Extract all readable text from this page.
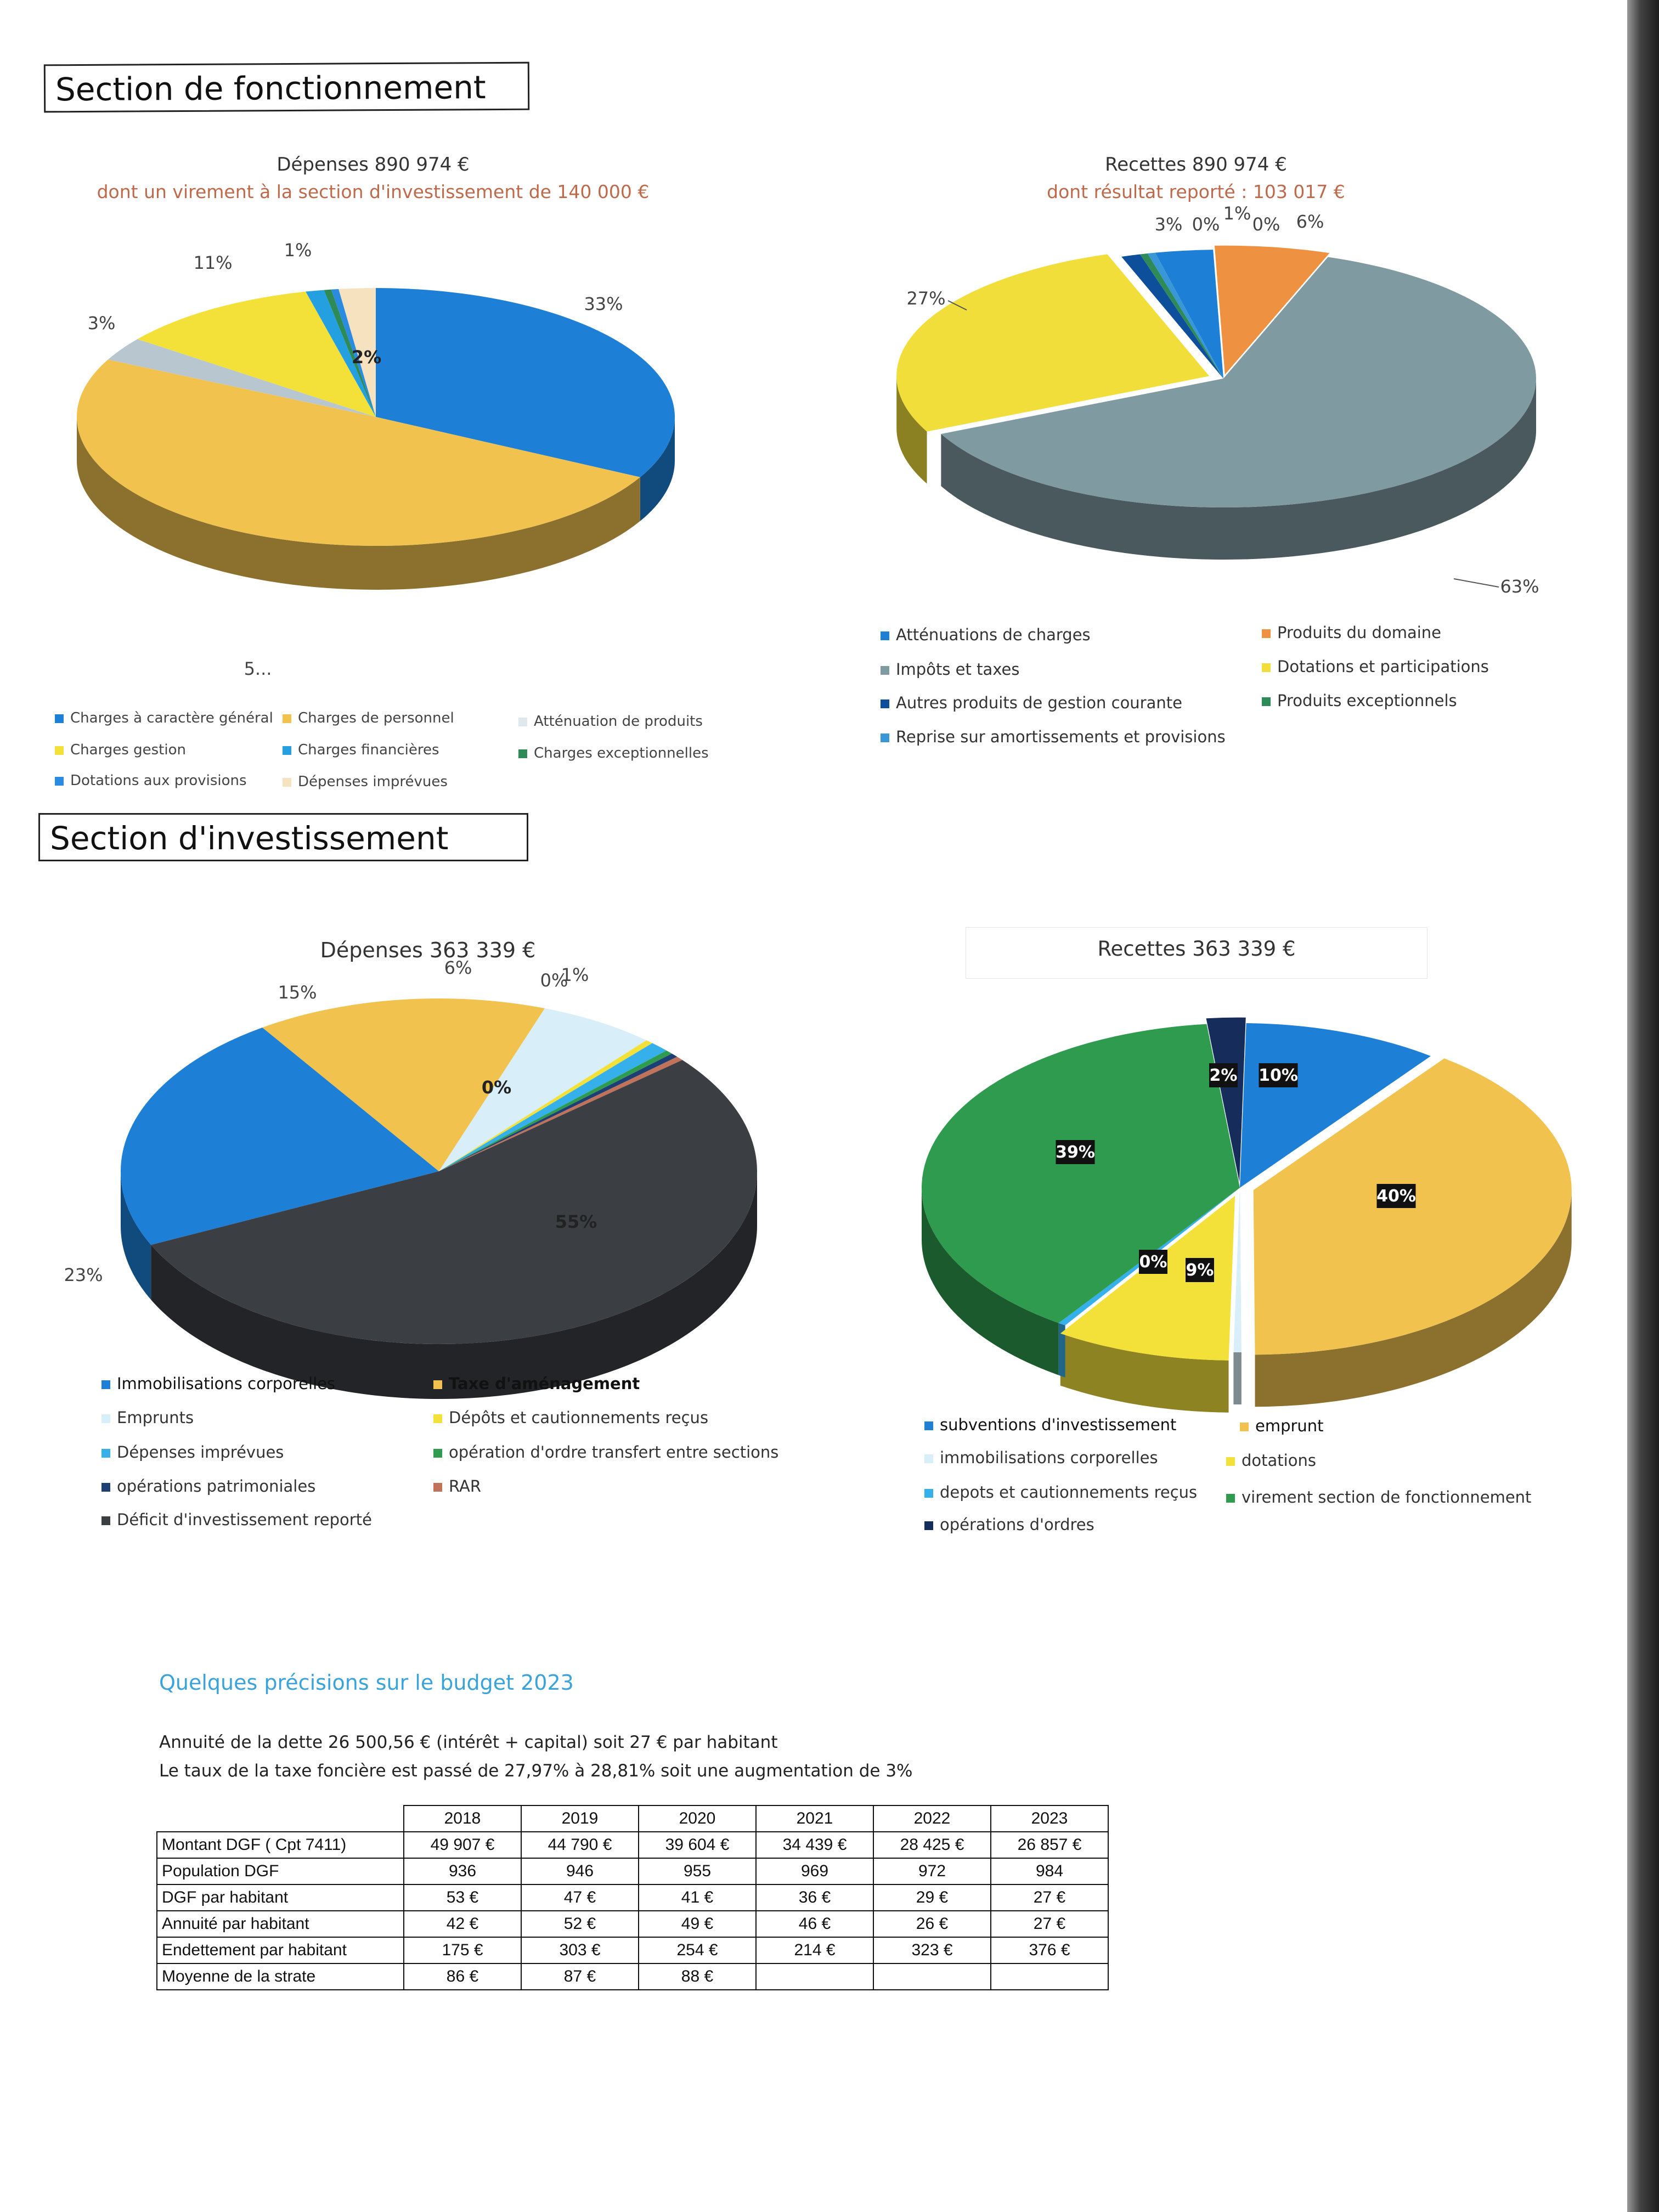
Section de fonctionnement
Dépenses 890 974 €
dont un virement à la section d'investissement de 140 000 €
33%
5...
3%
11%
1%
2%
Recettes 890 974 €
dont résultat reporté : 103 017 €
3% 0%
1%
0% 6%
27%
63%
Charges à caractère général	Charges de personnel	Atténuation de produits
Charges gestion	Charges financières	Charges exceptionnelles
Dotations aux provisions	Dépenses imprévues
Atténuations de charges	Produits du domaine
Impôts et taxes	Dotations et participations
Autres produits de gestion courante	Produits exceptionnels
Reprise sur amortissements et provisions
Section d'investissement
Dépenses 363 339 €
15%
6%
0%
1%
0%
55%
23%
Recettes 363 339 €
10%
40%
9%
0%
39%
2%
Immobilisations corporelles	Taxe d'aménagement
Emprunts	Dépôts et cautionnements reçus
Dépenses imprévues	opération d'ordre transfert entre sections
opérations patrimoniales	RAR
Déficit d'investissement reporté
subventions d'investissement	emprunt
immobilisations corporelles	dotations
depots et cautionnements reçus	virement section de fonctionnement
opérations d'ordres
Quelques précisions sur le budget 2023
Annuité de la dette 26 500,56 € (intérêt + capital) soit 27 € par habitant
Le taux de la taxe foncière est passé de 27,97% à 28,81% soit une augmentation de 3%
	2018	2019	2020	2021	2022	2023
Montant DGF ( Cpt 7411)	49 907 €	44 790 €	39 604 €	34 439 €	28 425 €	26 857 €
Population DGF	936	946	955	969	972	984
DGF par habitant	53 €	47 €	41 €	36 €	29 €	27 €
Annuité par habitant	42 €	52 €	49 €	46 €	26 €	27 €
Endettement par habitant	175 €	303 €	254 €	214 €	323 €	376 €
Moyenne de la strate	86 €	87 €	88 €			
